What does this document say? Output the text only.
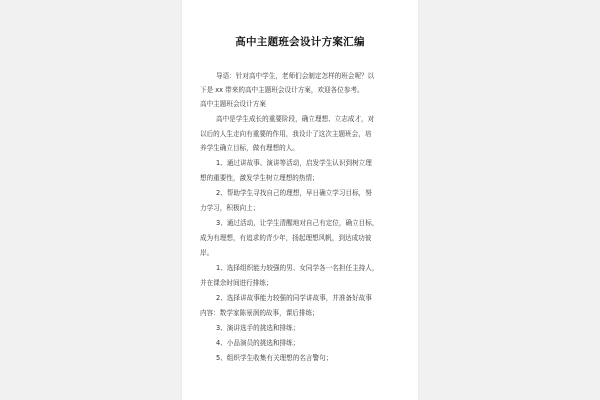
高中主题班会设计方案汇编
导语：针对高中学生，老师们会制定怎样的班会呢？以
下是 xx 带来的高中主题班会设计方案，欢迎各位参考。
高中主题班会设计方案
高中是学生成长的重要阶段，确立理想、立志成才，对
以后的人生走向有重要的作用，我设计了这次主题班会，培
养学生确立目标，做有理想的人。
1、通过讲故事、演讲等活动，启发学生认识到树立理
想的重要性，激发学生树立理想的热情；
2、帮助学生寻找自己的理想，早日确立学习目标，努
力学习，积极向上；
3、通过活动，让学生清醒地对自己有定位，确立目标，
成为有理想，有追求的青少年，扬起理想风帆，到达成功彼
岸。
1、选择组织能力较强的男、女同学各一名担任主持人，
并在课余时间进行排练；
2、选择讲故事能力较强的同学讲故事，并准备好故事
内容：数学家陈景润的故事，课后排练；
3、演讲选手的挑选和排练；
4、小品演员的挑选和排练；
5、组织学生收集有关理想的名言警句；
